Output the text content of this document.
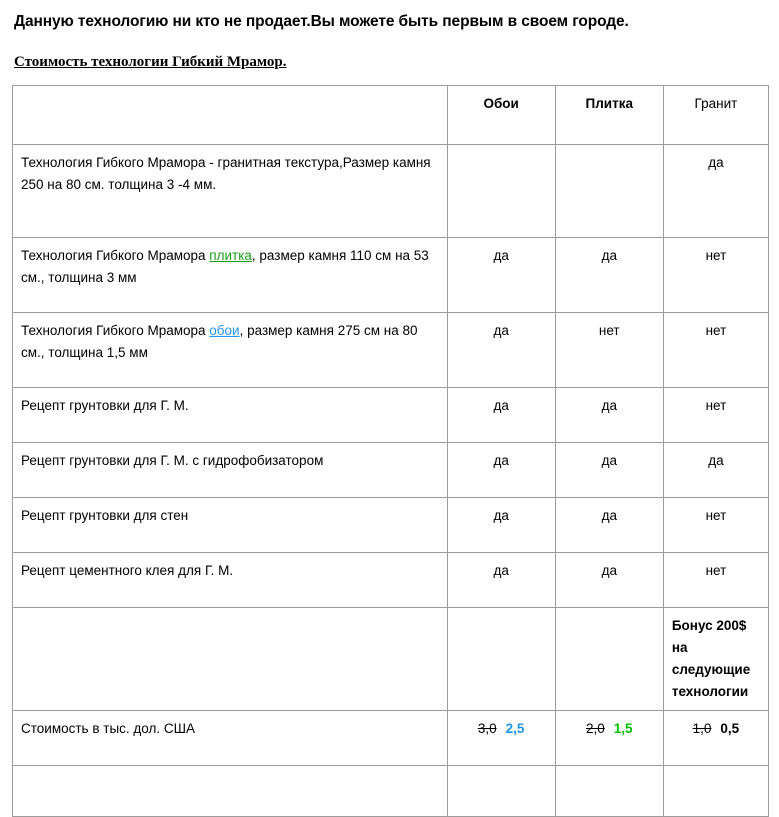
Данную технологию ни кто не продает.Вы можете быть первым в своем городе.
Стоимость технологии Гибкий Мрамор.
	Обои	Плитка	Гранит
Технология Гибкого Мрамора - гранитная текстура,Размер камня 250 на 80 см. толщина 3 -4 мм.			да
Технология Гибкого Мрамора плитка, размер камня 110 см на 53 см., толщина 3 мм	да	да	нет
Технология Гибкого Мрамора обои, размер камня 275 см на 80 см., толщина 1,5 мм	да	нет	нет
Рецепт грунтовки для Г. М.	да	да	нет
Рецепт грунтовки для Г. М. с гидрофобизатором	да	да	да
Рецепт грунтовки для стен	да	да	нет
Рецепт цементного клея для Г. М.	да	да	нет
			Бонус 200$ на следующие технологии
Стоимость в тыс. дол. США	3,0 2,5	2,0 1,5	1,0 0,5
